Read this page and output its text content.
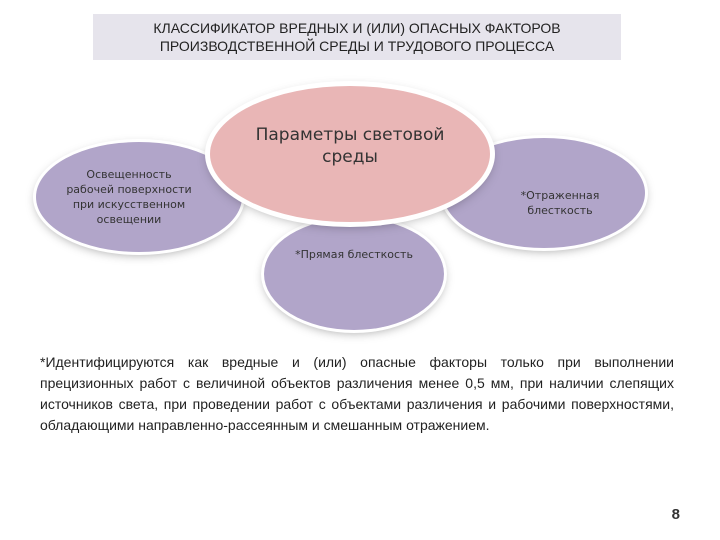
КЛАССИФИКАТОР ВРЕДНЫХ И (ИЛИ) ОПАСНЫХ ФАКТОРОВ
ПРОИЗВОДСТВЕННОЙ СРЕДЫ И ТРУДОВОГО ПРОЦЕССА
Освещенность рабочей поверхности при искусственном освещении
*Отраженная блесткость
*Прямая блесткость
Параметры световой среды

*Идентифицируются как вредные и (или) опасные факторы только при выполнении прецизионных работ с величиной объектов различения менее 0,5 мм, при наличии слепящих источников света, при проведении работ с объектами различения и рабочими поверхностями, обладающими направленно-рассеянным и смешанным отражением.

8
